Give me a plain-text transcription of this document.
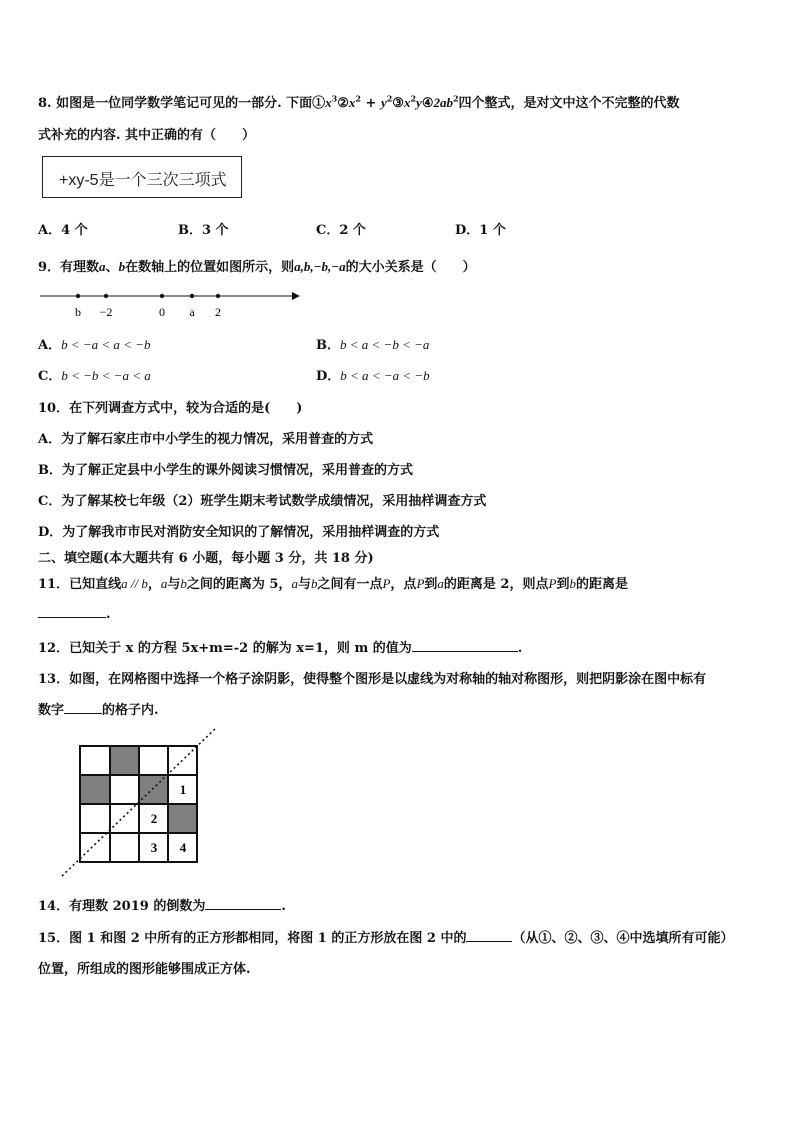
8. 如图是一位同学数学笔记可见的一部分. 下面$①x^3②x^2$ + $y^2③x^2y④2ab^2$四个整式，是对文中这个不完整的代数
式补充的内容. 其中正确的有（　　）
+xy-5是一个三次三项式
A．4 个	B．3 个	C．2 个	D．1 个
9．有理数a、b在数轴上的位置如图所示，则a,b,−b,−a的大小关系是（　　）
b −2	0 a 2
A．b < −a < a < −b	B．b < a < −b < −a
C．b < −b < −a < a	D．b < a < −a < −b
10．在下列调查方式中，较为合适的是(　　)
A．为了解石家庄市中小学生的视力情况，采用普查的方式
B．为了解正定县中小学生的课外阅读习惯情况，采用普查的方式
C．为了解某校七年级（2）班学生期末考试数学成绩情况，采用抽样调查方式
D．为了解我市市民对消防安全知识的了解情况，采用抽样调查的方式
二、填空题(本大题共有 6 小题，每小题 3 分，共 18 分)
11．已知直线a // b，a与b之间的距离为 5，a与b之间有一点P，点P到a的距离是 2，则点P到b的距离是
.
12．已知关于 x 的方程 5x+m=-2 的解为 x=1，则 m 的值为	.
13．如图，在网格图中选择一个格子涂阴影，使得整个图形是以虚线为对称轴的轴对称图形，则把阴影涂在图中标有
数字	的格子内.
1
2
3 4
14．有理数 2019 的倒数为	.
15．图 1 和图 2 中所有的正方形都相同，将图 1 的正方形放在图 2 中的	（从①、②、③、④中选填所有可能）
位置，所组成的图形能够围成正方体.
